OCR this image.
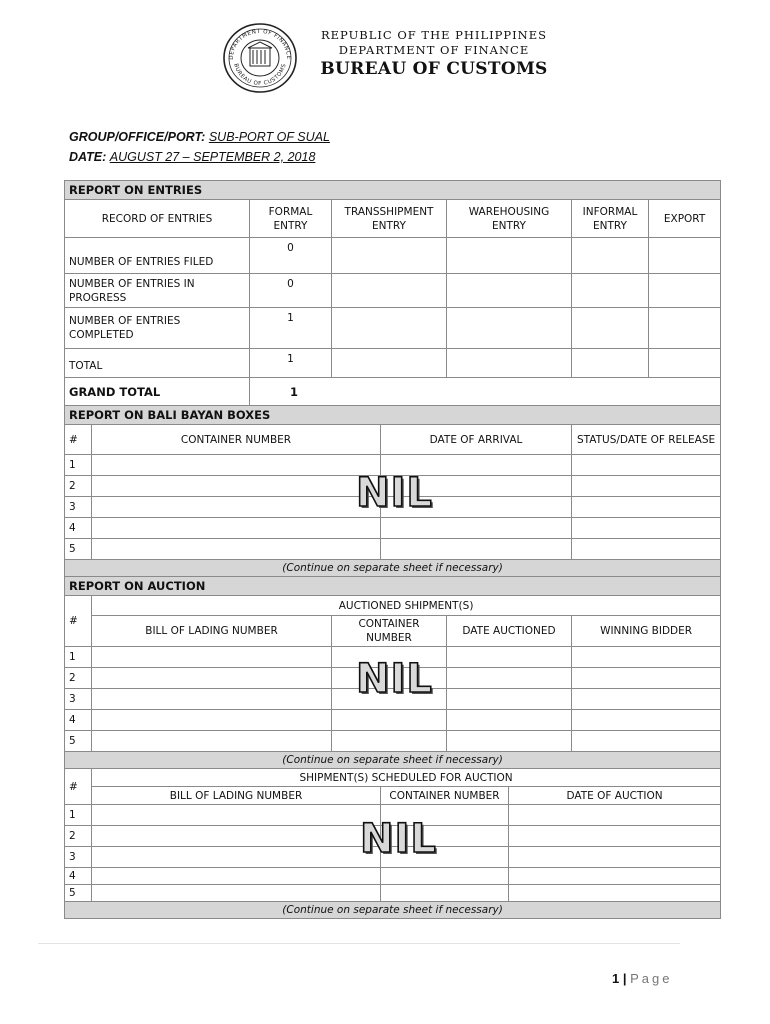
DEPARTMENT OF FINANCE
BUREAU OF CUSTOMS
REPUBLIC OF THE PHILIPPINES
DEPARTMENT OF FINANCE
BUREAU OF CUSTOMS
GROUP/OFFICE/PORT: SUB-PORT OF SUAL
DATE: AUGUST 27 – SEPTEMBER 2, 2018
REPORT ON ENTRIES								
RECORD OF ENTRIES		FORMAL ENTRY	TRANSSHIPMENT ENTRY		WAREHOUSING ENTRY		INFORMAL ENTRY	EXPORT
NUMBER OF ENTRIES FILED		0						
NUMBER OF ENTRIES IN PROGRESS		0						
NUMBER OF ENTRIES COMPLETED		1						
TOTAL		1						
GRAND TOTAL		1						
REPORT ON BALI BAYAN BOXES								
#	CONTAINER NUMBER			DATE OF ARRIVAL			STATUS/DATE OF RELEASE	
1								
2								
3								
4								
5								
(Continue on separate sheet if necessary)								
REPORT ON AUCTION								
#	AUCTIONED SHIPMENT(S)							
	BILL OF LADING NUMBER		CONTAINER NUMBER		DATE AUCTIONED		WINNING BIDDER	
1								
2								
3								
4								
5								
(Continue on separate sheet if necessary)								
#	SHIPMENT(S) SCHEDULED FOR AUCTION							
	BILL OF LADING NUMBER			CONTAINER NUMBER		DATE OF AUCTION		
1								
2								
3								
4								
5								
(Continue on separate sheet if necessary)								
NIL
NIL
NIL
1 | Page
